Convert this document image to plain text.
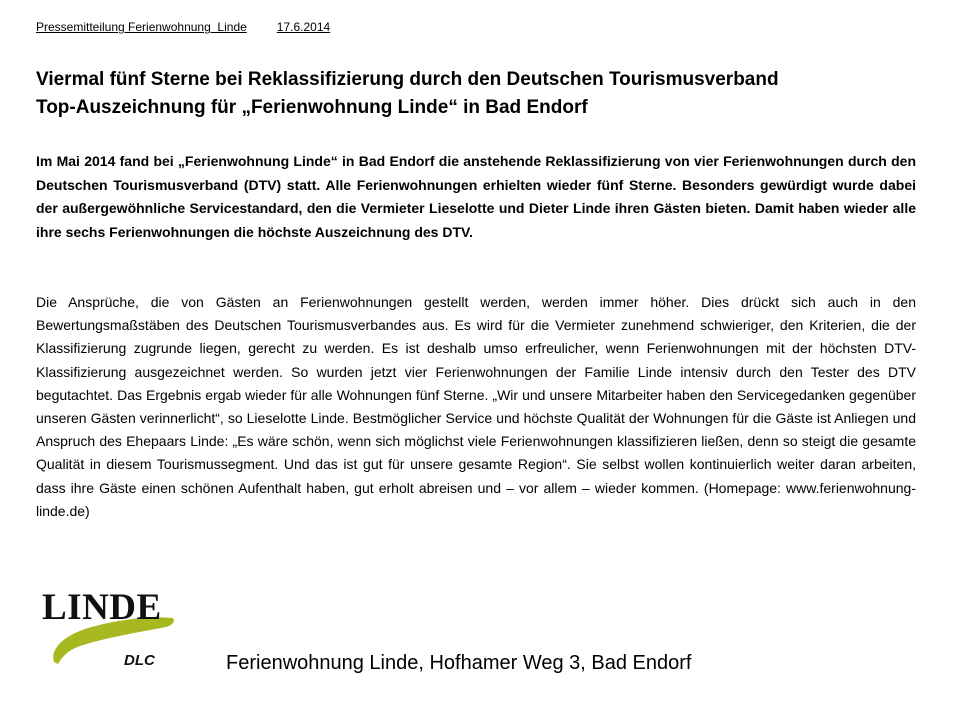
Pressemitteilung Ferienwohnung  Linde	17.6.2014
Viermal fünf Sterne bei Reklassifizierung durch den Deutschen Tourismusverband
Top-Auszeichnung für „Ferienwohnung Linde“ in Bad Endorf

Im Mai 2014 fand bei „Ferienwohnung Linde“ in Bad Endorf die anstehende Reklassifizierung von vier Ferienwohnungen durch den Deutschen Tourismusverband (DTV) statt. Alle Ferienwohnungen erhielten wieder fünf Sterne. Besonders gewürdigt wurde dabei der außergewöhnliche Servicestandard, den die Vermieter Lieselotte und Dieter Linde ihren Gästen bieten. Damit haben wieder alle ihre sechs Ferienwohnungen die höchste Auszeichnung des DTV.

Die Ansprüche, die von Gästen an Ferienwohnungen gestellt werden, werden immer höher. Dies drückt sich auch in den Bewertungsmaßstäben des Deutschen Tourismusverbandes aus. Es wird für die Vermieter zunehmend schwieriger, den Kriterien, die der Klassifizierung zugrunde liegen, gerecht zu werden. Es ist deshalb umso erfreulicher, wenn Ferienwohnungen mit der höchsten DTV-Klassifizierung ausgezeichnet werden. So wurden jetzt vier Ferienwohnungen der Familie Linde intensiv durch den Tester des DTV begutachtet. Das Ergebnis ergab wieder für alle Wohnungen fünf Sterne. „Wir und unsere Mitarbeiter haben den Servicegedanken gegenüber unseren Gästen verinnerlicht“, so Lieselotte Linde. Bestmöglicher Service und höchste Qualität der Wohnungen für die Gäste ist Anliegen und Anspruch des Ehepaars Linde: „Es wäre schön, wenn sich möglichst viele Ferienwohnungen klassifizieren ließen, denn so steigt die gesamte Qualität in diesem Tourismussegment. Und das ist gut für unsere gesamte Region“. Sie selbst wollen kontinuierlich weiter daran arbeiten, dass ihre Gäste einen schönen Aufenthalt haben, gut erholt abreisen und – vor allem – wieder kommen. (Homepage: www.ferienwohnung-linde.de)

LINDE
DLC	Ferienwohnung Linde, Hofhamer Weg 3, Bad Endorf
